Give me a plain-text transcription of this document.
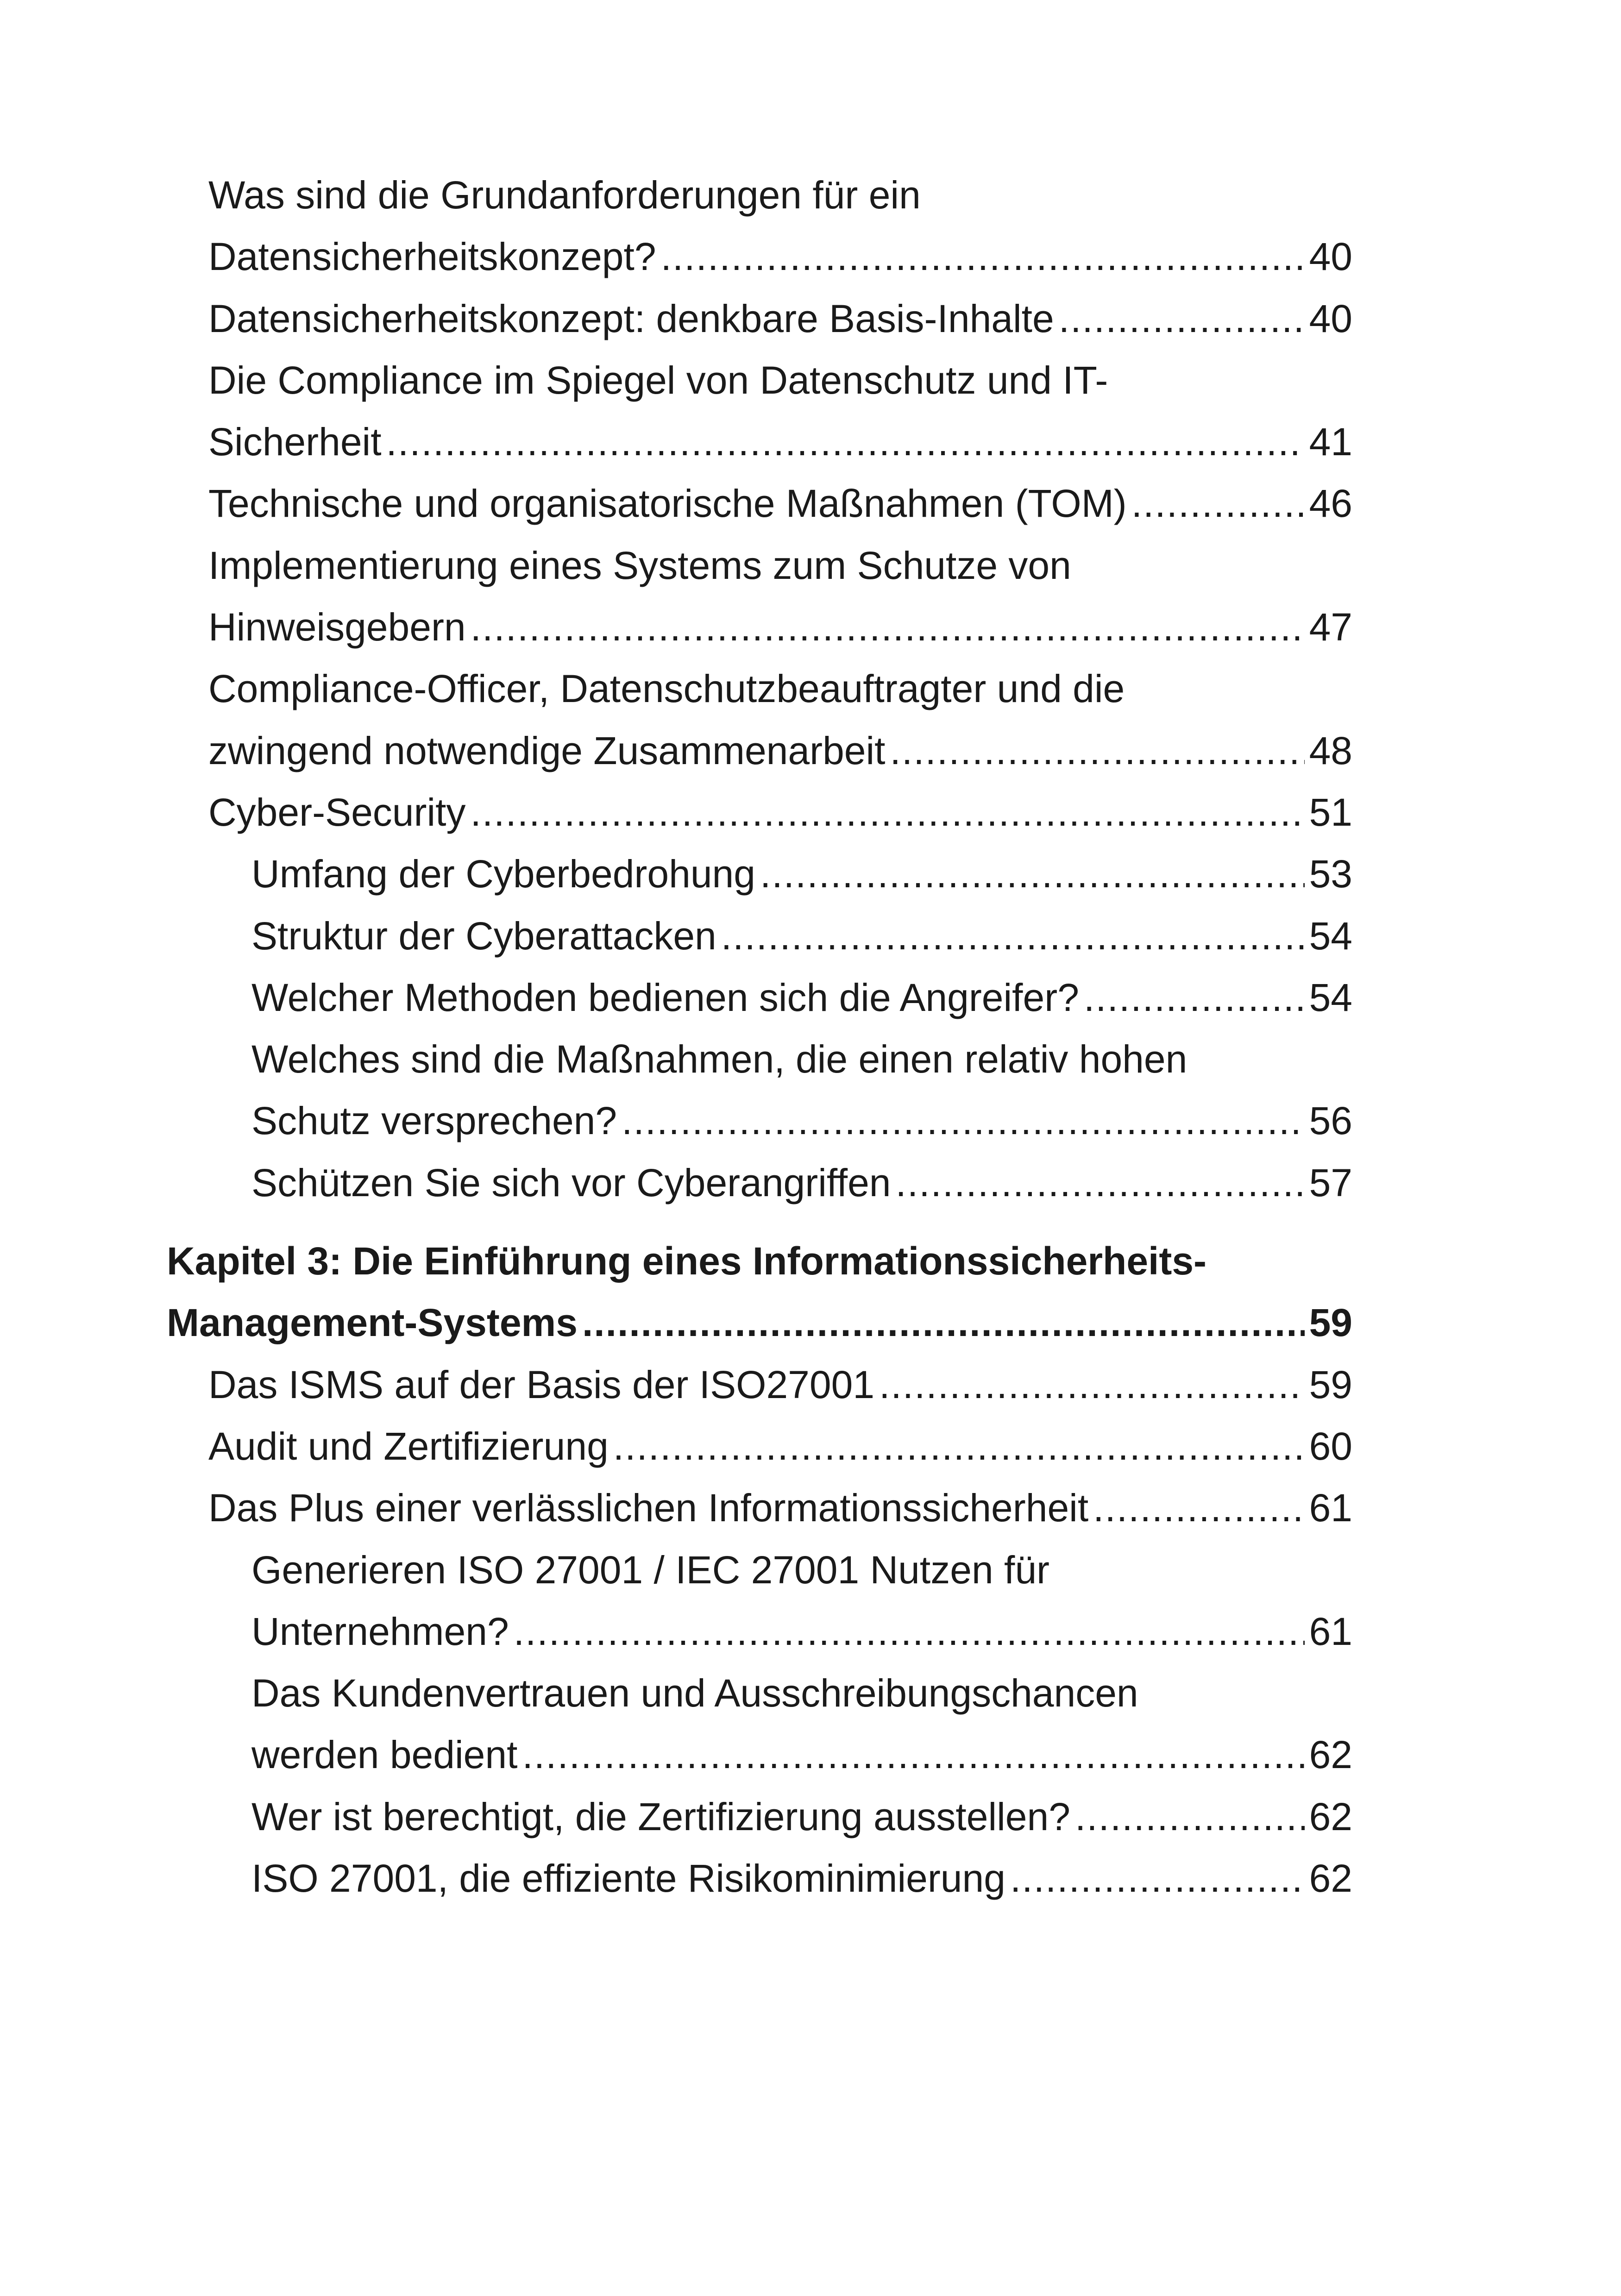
Was sind die Grundanforderungen für ein
Datensicherheitskonzept? .....	40
Datensicherheitskonzept: denkbare Basis-Inhalte .....	40
Die Compliance im Spiegel von Datenschutz und IT-
Sicherheit .....	41
Technische und organisatorische Maßnahmen (TOM) .....	46
Implementierung eines Systems zum Schutze von
Hinweisgebern .....	47
Compliance-Officer, Datenschutzbeauftragter und die
zwingend notwendige Zusammenarbeit .....	48
Cyber-Security .....	51
Umfang der Cyberbedrohung .....	53
Struktur der Cyberattacken .....	54
Welcher Methoden bedienen sich die Angreifer? .....	54
Welches sind die Maßnahmen, die einen relativ hohen
Schutz versprechen? .....	56
Schützen Sie sich vor Cyberangriffen .....	57
Kapitel 3: Die Einführung eines Informationssicherheits-
Management-Systems .....	59
Das ISMS auf der Basis der ISO27001 .....	59
Audit und Zertifizierung .....	60
Das Plus einer verlässlichen Informationssicherheit .....	61
Generieren ISO 27001 / IEC 27001 Nutzen für
Unternehmen? .....	61
Das Kundenvertrauen und Ausschreibungschancen
werden bedient .....	62
Wer ist berechtigt, die Zertifizierung ausstellen? .....	62
ISO 27001, die effiziente Risikominimierung .....	62
